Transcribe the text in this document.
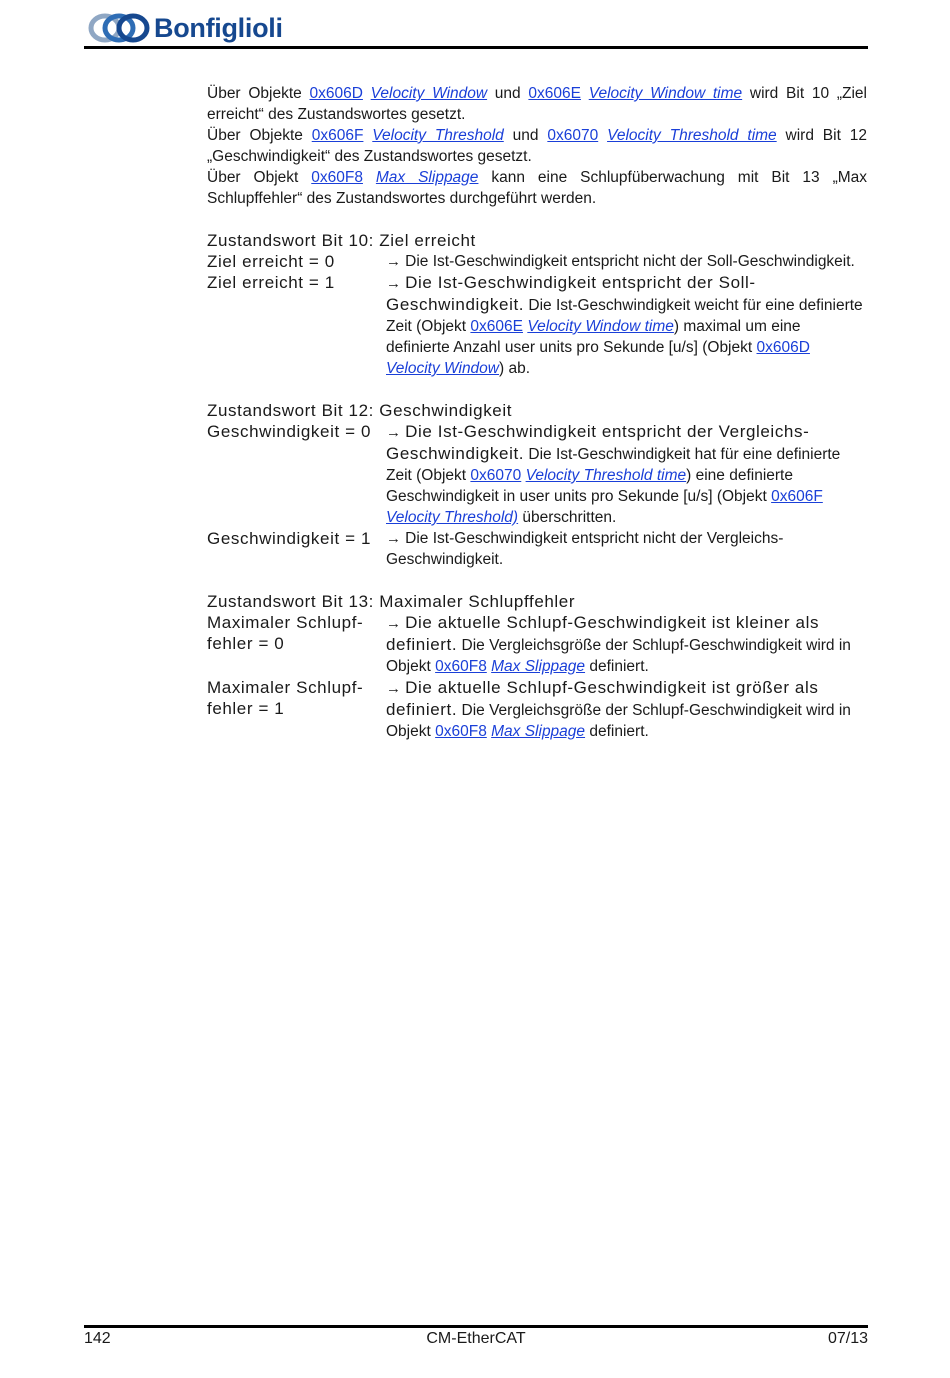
Bonfiglioli

Über Objekte 0x606D Velocity Window und 0x606E Velocity Window time wird Bit 10 „Ziel erreicht“ des Zustandswortes gesetzt.

Über Objekte 0x606F Velocity Threshold und 0x6070 Velocity Threshold time wird Bit 12 „Geschwindigkeit“ des Zustandswortes gesetzt.

Über Objekt 0x60F8 Max Slippage kann eine Schlupfüberwachung mit Bit 13 „Max Schlupffehler“ des Zustandswortes durchgeführt werden.

Zustandswort Bit 10: Ziel erreicht
Ziel erreicht = 0	→ Die Ist-Geschwindigkeit entspricht nicht der Soll-Geschwindigkeit.
Ziel erreicht = 1	→ Die Ist-Geschwindigkeit entspricht der Soll-Geschwindigkeit. Die Ist-Geschwindigkeit weicht für eine definierte Zeit (Objekt 0x606E Velocity Window time) maximal um eine definierte Anzahl user units pro Sekunde [u/s] (Objekt 0x606D Velocity Window) ab.
Zustandswort Bit 12: Geschwindigkeit
Geschwindigkeit = 0 → Die Ist-Geschwindigkeit entspricht der Vergleichs-Geschwindigkeit. Die Ist-Geschwindigkeit hat für eine definierte Zeit (Objekt 0x6070 Velocity Threshold time) eine definierte Geschwindigkeit in user units pro Sekunde [u/s] (Objekt 0x606F Velocity Threshold) überschritten.
Geschwindigkeit = 1 → Die Ist-Geschwindigkeit entspricht nicht der Vergleichs-Geschwindigkeit.
Zustandswort Bit 13: Maximaler Schlupffehler
Maximaler Schlupf-fehler = 0
→ Die aktuelle Schlupf-Geschwindigkeit ist kleiner als definiert. Die Vergleichsgröße der Schlupf-Geschwindigkeit wird in Objekt 0x60F8 Max Slippage definiert.
Maximaler Schlupf-fehler = 1
→ Die aktuelle Schlupf-Geschwindigkeit ist größer als definiert. Die Vergleichsgröße der Schlupf-Geschwindigkeit wird in Objekt 0x60F8 Max Slippage definiert.
142	CM-EtherCAT	07/13
